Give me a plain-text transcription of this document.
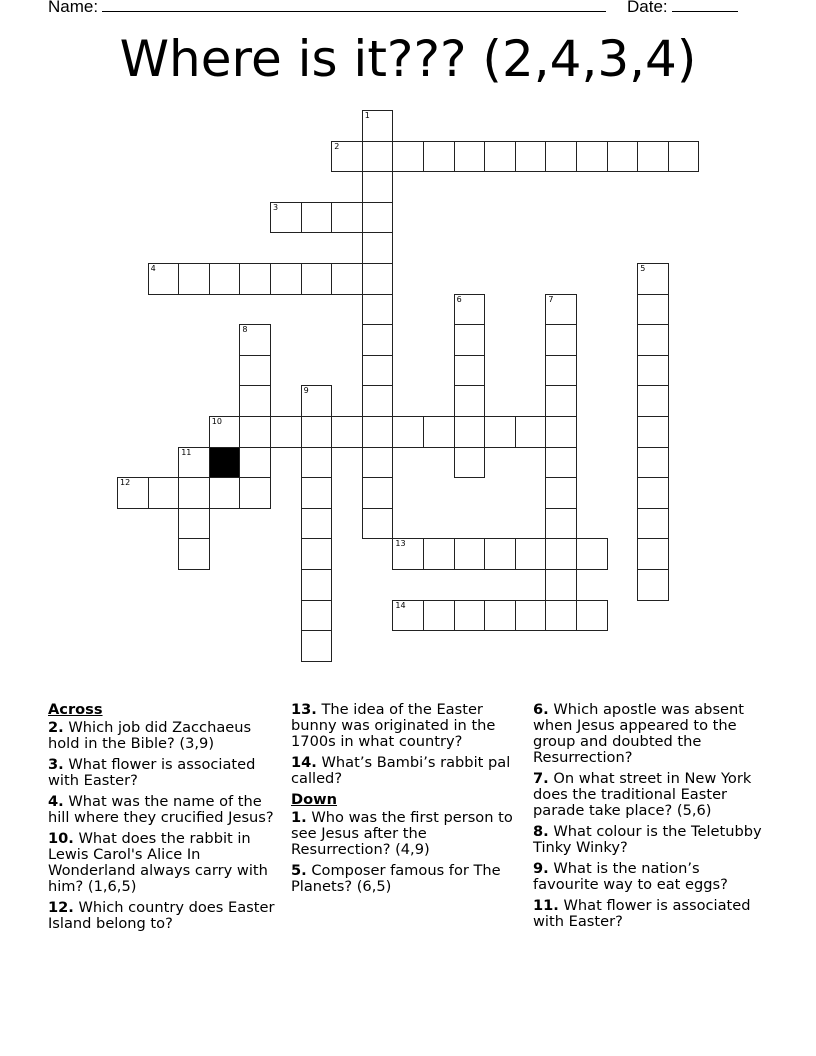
Name:	Date:
Where is it??? (2,4,3,4)
1
2
3
4	5
6	7
8
9
10
11
12
13
14
Across
2. Which job did Zacchaeus hold in the Bible? (3,9)
3. What flower is associated with Easter?
4. What was the name of the hill where they crucified Jesus?
10. What does the rabbit in Lewis Carol's Alice In Wonderland always carry with him? (1,6,5)
12. Which country does Easter Island belong to?
13. The idea of the Easter bunny was originated in the 1700s in what country?
14. What’s Bambi’s rabbit pal called?
Down
1. Who was the first person to see Jesus after the Resurrection? (4,9)
5. Composer famous for The Planets? (6,5)
6. Which apostle was absent when Jesus appeared to the group and doubted the Resurrection?
7. On what street in New York does the traditional Easter parade take place? (5,6)
8. What colour is the Teletubby Tinky Winky?
9. What is the nation’s favourite way to eat eggs?
11. What flower is associated with Easter?
